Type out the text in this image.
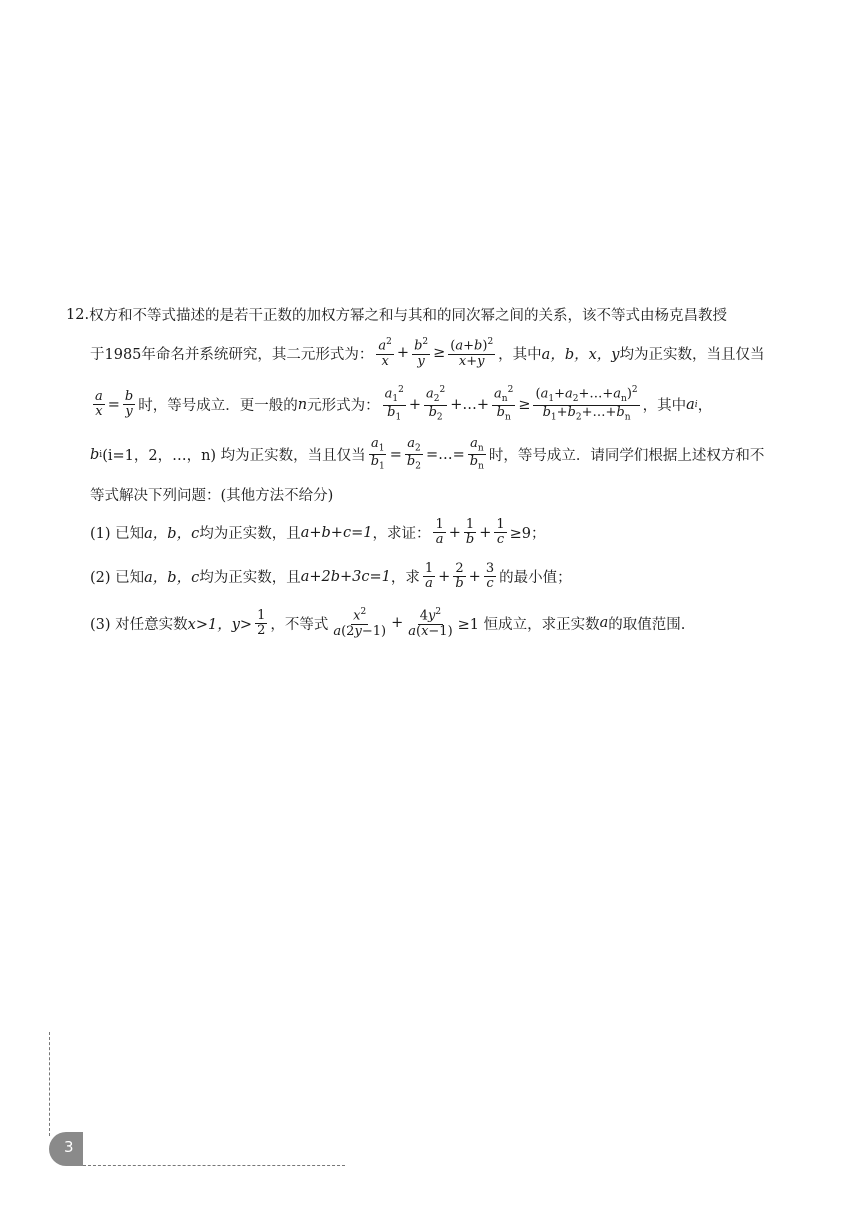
12. 权方和不等式描述的是若干正数的加权方幂之和与其和的同次幂之间的关系，该不等式由杨克昌教授
于1985年命名并系统研究，其二元形式为： $\frac{a^2}{x} + \frac{b^2}{y} \ge \frac{(a+b)^2}{x+y}$ ，其中 a，b，x，y 均为正实数，当且仅当
$\frac{a}{x} = \frac{b}{y}$ 时，等号成立．更一般的 n 元形式为： $\frac{a_1^2}{b_1} + \frac{a_2^2}{b_2}$ +…+ $\frac{a_n^2}{b_n} \ge \frac{(a_1+a_2+\dots+a_n)^2}{b_1+b_2+\dots+b_n}$ ，其中 a i ，
b i (i=1，2，…，n) 均为正实数，当且仅当 $\frac{a_1}{b_1} = \frac{a_2}{b_2}$ =…= $\frac{a_n}{b_n}$ 时，等号成立．请同学们根据上述权方和不
等式解决下列问题：(其他方法不给分)
(1) 已知 a，b，c 均为正实数，且 a+b+c=1 ，求证： $\frac{1}{a} + \frac{1}{b} + \frac{1}{c} \ge 9$；
(2) 已知 a，b，c 均为正实数，且 a+2b+3c=1 ，求 $\frac{1}{a} + \frac{2}{b} + \frac{3}{c}$ 的最小值；
(3) 对任意实数 x>1，$y> \frac{1}{2}$ ，不等式 $\frac{x^2}{a(2y-1)} + \frac{4y^2}{a(x-1)} \ge 1$ 恒成立，求正实数 a 的取值范围.
3
